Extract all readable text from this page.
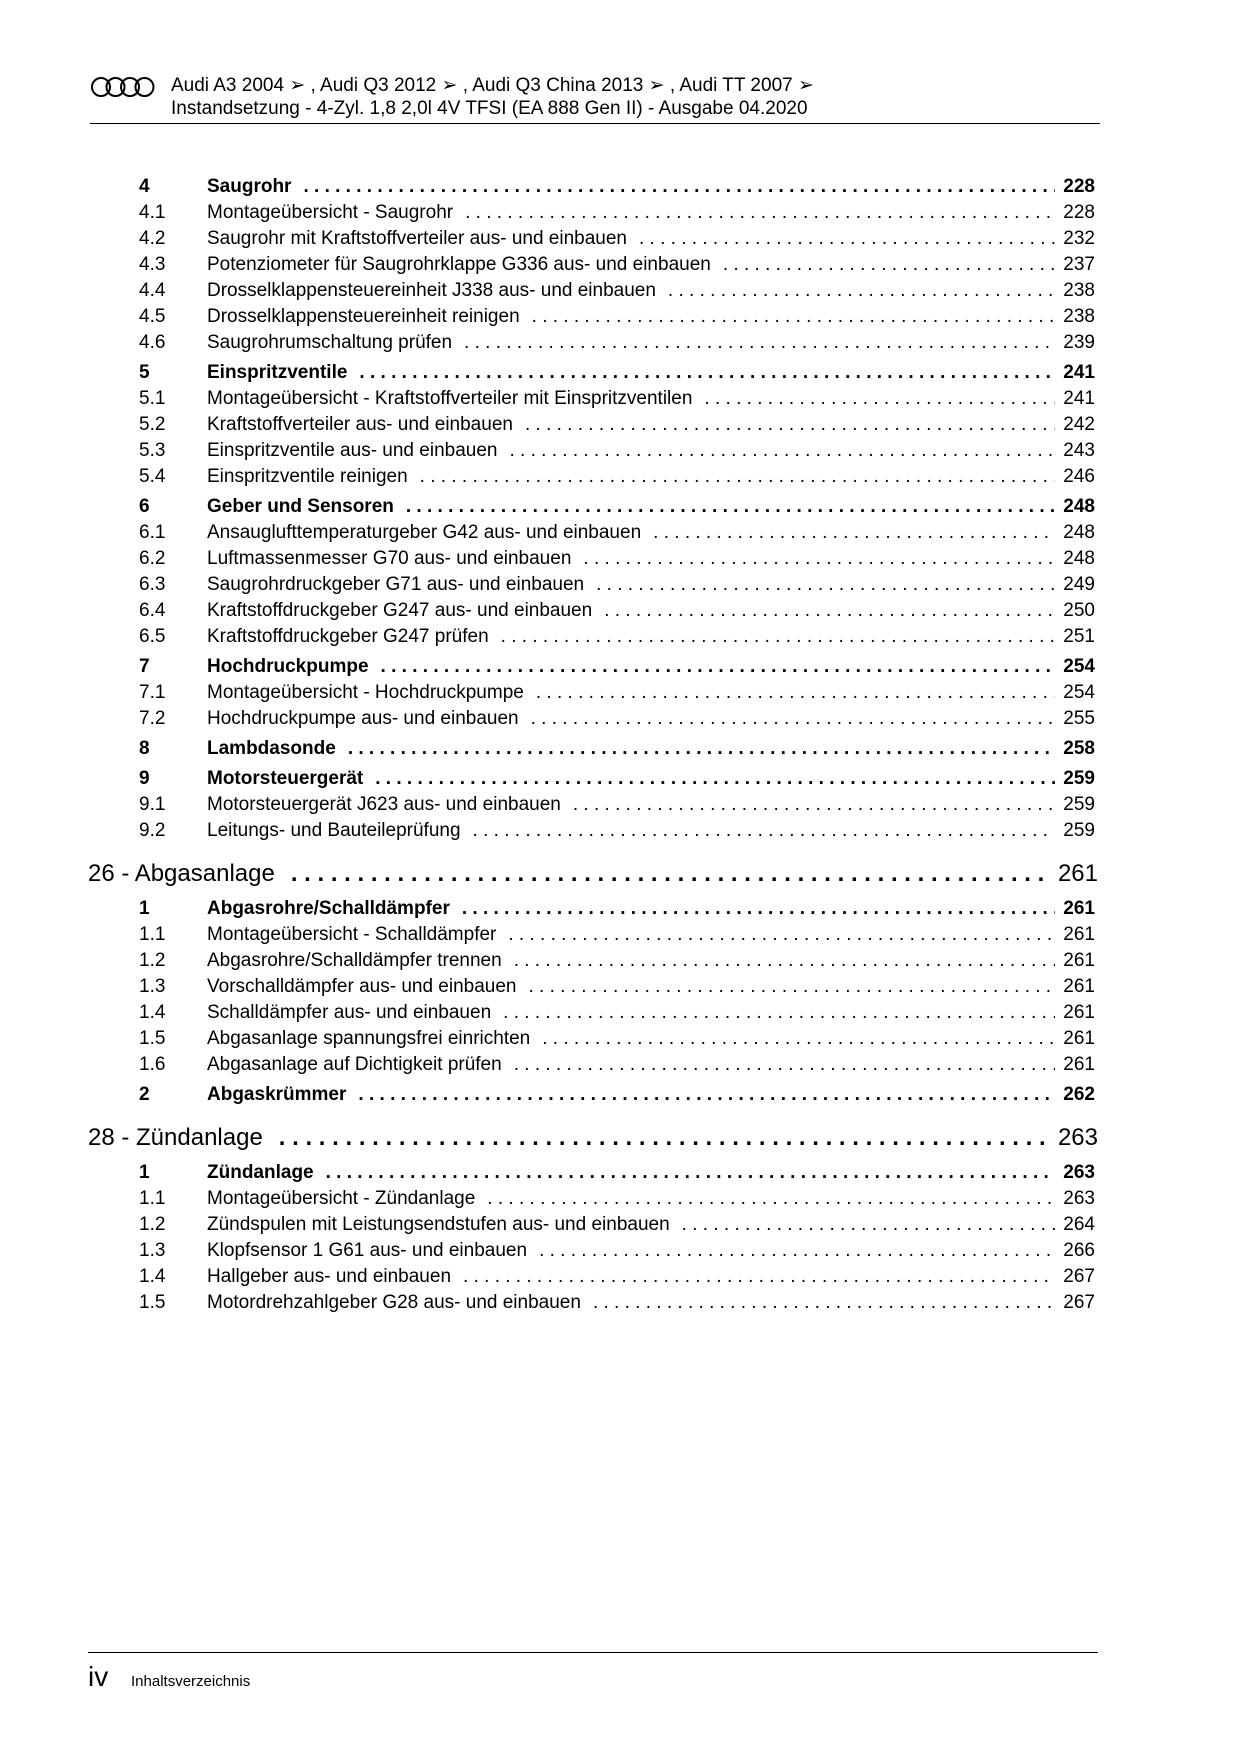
Audi A3 2004 ➢ , Audi Q3 2012 ➢ , Audi Q3 China 2013 ➢ , Audi TT 2007 ➢
Instandsetzung - 4-Zyl. 1,8 2,0l 4V TFSI (EA 888 Gen II) - Ausgabe 04.2020
4	Saugrohr . . .	228
4.1	Montageübersicht - Saugrohr . . .	228
4.2	Saugrohr mit Kraftstoffverteiler aus- und einbauen . . .	232
4.3	Potenziometer für Saugrohrklappe G336 aus- und einbauen . . .	237
4.4	Drosselklappensteuereinheit J338 aus- und einbauen . . .	238
4.5	Drosselklappensteuereinheit reinigen . . .	238
4.6	Saugrohrumschaltung prüfen . . .	239
5	Einspritzventile . . .	241
5.1	Montageübersicht - Kraftstoffverteiler mit Einspritzventilen . . .	241
5.2	Kraftstoffverteiler aus- und einbauen . . .	242
5.3	Einspritzventile aus- und einbauen . . .	243
5.4	Einspritzventile reinigen . . .	246
6	Geber und Sensoren . . .	248
6.1	Ansauglufttemperaturgeber G42 aus- und einbauen . . .	248
6.2	Luftmassenmesser G70 aus- und einbauen . . .	248
6.3	Saugrohrdruckgeber G71 aus- und einbauen . . .	249
6.4	Kraftstoffdruckgeber G247 aus- und einbauen . . .	250
6.5	Kraftstoffdruckgeber G247 prüfen . . .	251
7	Hochdruckpumpe . . .	254
7.1	Montageübersicht - Hochdruckpumpe . . .	254
7.2	Hochdruckpumpe aus- und einbauen . . .	255
8	Lambdasonde . . .	258
9	Motorsteuergerät . . .	259
9.1	Motorsteuergerät J623 aus- und einbauen . . .	259
9.2	Leitungs- und Bauteileprüfung . . .	259
26 - Abgasanlage . . .	261
1	Abgasrohre/Schalldämpfer . . .	261
1.1	Montageübersicht - Schalldämpfer . . .	261
1.2	Abgasrohre/Schalldämpfer trennen . . .	261
1.3	Vorschalldämpfer aus- und einbauen . . .	261
1.4	Schalldämpfer aus- und einbauen . . .	261
1.5	Abgasanlage spannungsfrei einrichten . . .	261
1.6	Abgasanlage auf Dichtigkeit prüfen . . .	261
2	Abgaskrümmer . . .	262
28 - Zündanlage . . .	263
1	Zündanlage . . .	263
1.1	Montageübersicht - Zündanlage . . .	263
1.2	Zündspulen mit Leistungsendstufen aus- und einbauen . . .	264
1.3	Klopfsensor 1 G61 aus- und einbauen . . .	266
1.4	Hallgeber aus- und einbauen . . .	267
1.5	Motordrehzahlgeber G28 aus- und einbauen . . .	267
iv Inhaltsverzeichnis
